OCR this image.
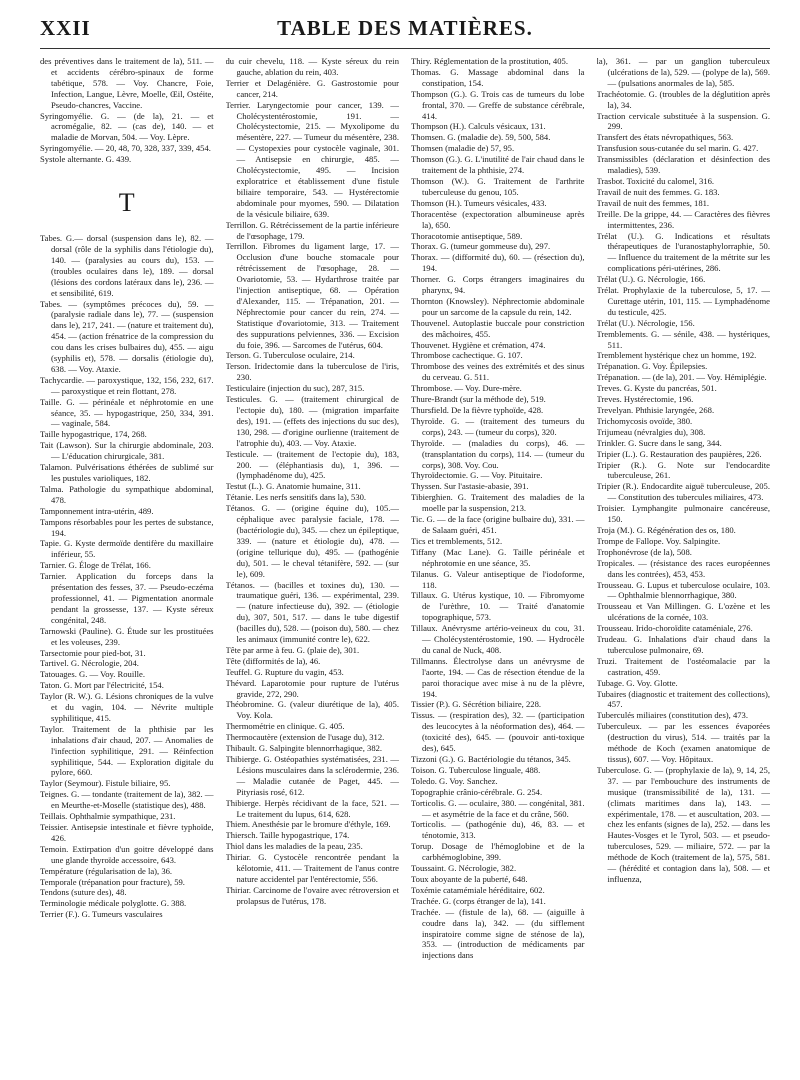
XXII	TABLE DES MATIÈRES.

des préventives dans le traitement de la), 511. — et accidents cérébro-spinaux de forme tabétique, 578. — Voy. Chancre, Foie, Infection, Langue, Lèvre, Moelle, Œil, Ostéite, Pseudo-chancres, Vaccine.

Syringomyélie. G. — (de la), 21. — et acromégalie, 82. — (cas de), 140. — et maladie de Morvan, 504. — Voy. Lèpre.

Syringomyélie. — 20, 48, 70, 328, 337, 339, 454.

Systole alternante. G. 439.

T

Tabes. G.— dorsal (suspension dans le), 82. — dorsal (rôle de la syphilis dans l'étiologie du), 140. — (paralysies au cours du), 153. — (troubles oculaires dans le), 189. — dorsal (lésions des cordons latéraux dans le), 236. — et sensibilité, 619.

Tabes. — (symptômes précoces du), 59. — (paralysie radiale dans le), 77. — (suspension dans le), 217, 241. — (nature et traitement du), 454. — (action frénatrice de la compression du cou dans les crises bulbaires du), 455. — aigu (syphilis et), 578. — dorsalis (étiologie du), 638. — Voy. Ataxie.

Tachycardie. — paroxystique, 132, 156, 232, 617. — paroxystique et rein flottant, 278.

Taille. G. — périnéale et néphrotomie en une séance, 35. — hypogastrique, 250, 334, 391. — vaginale, 584.

Taille hypogastrique, 174, 268.

Tait (Lawson). Sur la chirurgie abdominale, 203. — L'éducation chirurgicale, 381.

Talamon. Pulvérisations éthérées de sublimé sur les pustules varioliques, 182.

Talma. Pathologie du sympathique abdominal, 478.

Tamponnement intra-utérin, 489.

Tampons résorbables pour les pertes de substance, 194.

Tapie. G. Kyste dermoïde dentifère du maxillaire inférieur, 55.

Tarnier. G. Éloge de Trélat, 166.

Tarnier. Application du forceps dans la présentation des fesses, 37. — Pseudo-eczéma professionnel, 41. — Pigmentation anormale pendant la grossesse, 137. — Kyste séreux congénital, 248.

Tarnowski (Pauline). G. Étude sur les prostituées et les voleuses, 239.

Tarsectomie pour pied-bot, 31.

Tartivel. G. Nécrologie, 204.

Tatouages. G. — Voy. Rouille.

Taton. G. Mort par l'électricité, 154.

Taylor (R. W.). G. Lésions chroniques de la vulve et du vagin, 104. — Névrite multiple syphilitique, 415.

Taylor. Traitement de la phthisie par les inhalations d'air chaud, 207. — Anomalies de l'infection syphilitique, 291. — Réinfection syphilitique, 544. — Exploration digitale du pylore, 660.

Taylor (Seymour). Fistule biliaire, 95.

Teignes. G. — tondante (traitement de la), 382. — en Meurthe-et-Moselle (statistique des), 488.

Teillais. Ophthalmie sympathique, 231.

Teissier. Antisepsie intestinale et fièvre typhoïde, 426.

Temoin. Extirpation d'un goitre développé dans une glande thyroïde accessoire, 643.

Température (régularisation de la), 36.

Temporale (trépanation pour fracture), 59.

Tendons (suture des), 48.

Terminologie médicale polyglotte. G. 388.

Terrier (F.). G. Tumeurs vasculaires

du cuir chevelu, 118. — Kyste séreux du rein gauche, ablation du rein, 403.

Terrier et Delagénière. G. Gastrostomie pour cancer, 214.

Terrier. Laryngectomie pour cancer, 139. — Cholécystentérostomie, 191. — Cholécystectomie, 215. — Myxolipome du mésentère, 227. — Tumeur du mésentère, 238. — Cystopexies pour cystocèle vaginale, 301. — Antisepsie en chirurgie, 485. — Cholécystectomie, 495. — Incision exploratrice et établissement d'une fistule biliaire temporaire, 543. — Hystérectomie abdominale pour myomes, 590. — Dilatation de la vésicule biliaire, 639.

Terrillon. G. Rétrécissement de la partie inférieure de l'œsophage, 179.

Terrillon. Fibromes du ligament large, 17. — Occlusion d'une bouche stomacale pour rétrécissement de l'œsophage, 28. — Ovariotomie, 53. — Hydarthrose traitée par l'injection antiseptique, 68. — Opération d'Alexander, 115. — Trépanation, 201. — Néphrectomie pour cancer du rein, 274. — Statistique d'ovariotomie, 313. — Traitement des suppurations pelviennes, 336. — Excision du foie, 396. — Sarcomes de l'utérus, 604.

Terson. G. Tuberculose oculaire, 214.

Terson. Iridectomie dans la tuberculose de l'iris, 230.

Testiculaire (injection du suc), 287, 315.

Testicules. G. — (traitement chirurgical de l'ectopie du), 180. — (migration imparfaite des), 191. — (effets des injections du suc des), 130, 298. — d'origine ourlienne (traitement de l'atrophie du), 403. — Voy. Ataxie.

Testicule. — (traitement de l'ectopie du), 183, 200. — (éléphantiasis du), 1, 396. — (lymphadénome du), 425.

Testut (L.). G. Anatomie humaine, 311.

Tétanie. Les nerfs sensitifs dans la), 530.

Tétanos. G. — (origine équine du), 105.— céphalique avec paralysie faciale, 178. — (bactériologie du), 345. — chez un épileptique, 339. — (nature et étiologie du), 478. — (origine tellurique du), 495. — (pathogénie du), 501. — le cheval tétanifère, 592. — (sur le), 609.

Tétanos. — (bacilles et toxines du), 130. — traumatique guéri, 136. — expérimental, 239. — (nature infectieuse du), 392. — (étiologie du), 307, 501, 517. — dans le tube digestif (bacilles du), 528. — (poison du), 580. — chez les animaux (immunité contre le), 622.

Tête par arme à feu. G. (plaie de), 301.

Tête (difformités de la), 46.

Teuffel. G. Rupture du vagin, 453.

Thévard. Laparotomie pour rupture de l'utérus gravide, 272, 290.

Théobromine. G. (valeur diurétique de la), 405. Voy. Kola.

Thermométrie en clinique. G. 405.

Thermocautère (extension de l'usage du), 312.

Thibault. G. Salpingite blennorrhagique, 382.

Thibierge. G. Ostéopathies systématisées, 231. — Lésions musculaires dans la sclérodermie, 236. — Maladie cutanée de Paget, 445. — Pityriasis rosé, 612.

Thibierge. Herpès récidivant de la face, 521. — Le traitement du lupus, 614, 628.

Thiem. Anesthésie par le bromure d'éthyle, 169.

Thiersch. Taille hypogastrique, 174.

Thiol dans les maladies de la peau, 235.

Thiriar. G. Cystocèle rencontrée pendant la kélotomie, 411. — Traitement de l'anus contre nature accidentel par l'entérectomie, 556.

Thiriar. Carcinome de l'ovaire avec rétroversion et prolapsus de l'utérus, 178.

Thiry. Réglementation de la prostitution, 405.

Thomas. G. Massage abdominal dans la constipation, 154.

Thompson (G.). G. Trois cas de tumeurs du lobe frontal, 370. — Greffe de substance cérébrale, 414.

Thompson (H.). Calculs vésicaux, 131.

Thomsen. G. (maladie de). 59, 500, 584.

Thomsen (maladie de) 57, 95.

Thomson (G.). G. L'inutilité de l'air chaud dans le traitement de la phthisie, 274.

Thomson (W.). G. Traitement de l'arthrite tuberculeuse du genou, 105.

Thomson (H.). Tumeurs vésicales, 433.

Thoracentèse (expectoration albumineuse après la), 650.

Thoracotomie antiseptique, 589.

Thorax. G. (tumeur gommeuse du), 297.

Thorax. — (difformité du), 60. — (résection du), 194.

Thorner. G. Corps étrangers imaginaires du pharynx, 94.

Thornton (Knowsley). Néphrectomie abdominale pour un sarcome de la capsule du rein, 142.

Thouvenel. Autoplastie buccale pour constriction des mâchoires, 455.

Thouvenet. Hygiène et crémation, 474.

Thrombose cachectique. G. 107.

Thrombose des veines des extrémités et des sinus du cerveau. G. 511.

Thrombose. — Voy. Dure-mère.

Thure-Brandt (sur la méthode de), 519.

Thursfield. De la fièvre typhoïde, 428.

Thyroïde. G. — (traitement des tumeurs du corps), 243. — (tumeur du corps), 320.

Thyroïde. — (maladies du corps), 46. — (transplantation du corps), 114. — (tumeur du corps), 308. Voy. Cou.

Thyroïdectomie. G. — Voy. Pituitaire.

Thyssen. Sur l'astasie-abasie, 391.

Tibierghien. G. Traitement des maladies de la moelle par la suspension, 213.

Tic. G. — de la face (origine bulbaire du), 331. — de Salaam guéri, 451.

Tics et tremblements, 512.

Tiffany (Mac Lane). G. Taille périnéale et néphrotomie en une séance, 35.

Tilanus. G. Valeur antiseptique de l'iodoforme, 118.

Tillaux. G. Utérus kystique, 10. — Fibromyome de l'urèthre, 10. — Traité d'anatomie topographique, 573.

Tillaux. Anévrysme artério-veineux du cou, 31. — Cholécystentérostomie, 190. — Hydrocèle du canal de Nuck, 408.

Tillmanns. Électrolyse dans un anévrysme de l'aorte, 194. — Cas de résection étendue de la paroi thoracique avec mise à nu de la plèvre, 194.

Tissier (P.). G. Sécrétion biliaire, 228.

Tissus. — (respiration des), 32. — (participation des leucocytes à la néoformation des), 464. — (toxicité des), 645. — (pouvoir anti-toxique des), 645.

Tizzoni (G.). G. Bactériologie du tétanos, 345.

Toison. G. Tuberculose linguale, 488.

Toledo. G. Voy. Sanchez.

Topographie crânio-cérébrale. G. 254.

Torticolis. G. — oculaire, 380. — congénital, 381. — et asymétrie de la face et du crâne, 560.

Torticolis. — (pathogénie du), 46, 83. — et ténotomie, 313.

Torup. Dosage de l'hémoglobine et de la carbhémoglobine, 399.

Toussaint. G. Nécrologie, 382.

Toux aboyante de la puberté, 648.

Toxémie catamémiale héréditaire, 602.

Trachée. G. (corps étranger de la), 141.

Trachée. — (fistule de la), 68. — (aiguille à coudre dans la), 342. — (du sifflement inspiratoire comme signe de sténose de la), 353. — (introduction de médicaments par injections dans

la), 361. — par un ganglion tuberculeux (ulcérations de la), 529. — (polype de la), 569. — (pulsations anormales de la), 585.

Trachéotomie. G. (troubles de la déglutition après la), 34.

Traction cervicale substituée à la suspension. G. 299.

Transfert des états névropathiques, 563.

Transfusion sous-cutanée du sel marin. G. 427.

Transmissibles (déclaration et désinfection des maladies), 539.

Trasbot. Toxicité du calomel, 316.

Travail de nuit des femmes. G. 183.

Travail de nuit des femmes, 181.

Treille. De la grippe, 44. — Caractères des fièvres intermittentes, 236.

Trélat (U.). G. Indications et résultats thérapeutiques de l'uranostaphylorraphie, 50. — Influence du traitement de la métrite sur les complications péri-utérines, 286.

Trélat (U.). G. Nécrologie, 166.

Trélat. Prophylaxie de la tuberculose, 5, 17. — Curettage utérin, 101, 115. — Lymphadénome du testicule, 425.

Trélat (U.). Nécrologie, 156.

Tremblements. G. — sénile, 438. — hystériques, 511.

Tremblement hystérique chez un homme, 192.

Trépanation. G. Voy. Épilepsies.

Trépanation. — (de la), 201. — Voy. Hémiplégie.

Treves. G. Kyste du pancréas, 501.

Treves. Hystérectomie, 196.

Trevelyan. Phthisie laryngée, 268.

Trichomycosis ovoïde, 380.

Trijumeau (névralgies du), 308.

Trinkler. G. Sucre dans le sang, 344.

Tripier (L.). G. Restauration des paupières, 226.

Tripier (R.). G. Note sur l'endocardite tuberculeuse, 261.

Tripier (R.). Endocardite aiguë tuberculeuse, 205. — Constitution des tubercules miliaires, 473.

Troisier. Lymphangite pulmonaire cancéreuse, 150.

Troja (M.). G. Régénération des os, 180.

Trompe de Fallope. Voy. Salpingite.

Trophonévrose (de la), 508.

Tropicales. — (résistance des races européennes dans les contrées), 453, 453.

Trousseau. G. Lupus et tuberculose oculaire, 103. — Ophthalmie blennorrhagique, 380.

Trousseau et Van Millingen. G. L'ozène et les ulcérations de la cornée, 103.

Trousseau. Irido-choroïdite cataméniale, 276.

Trudeau. G. Inhalations d'air chaud dans la tuberculose pulmonaire, 69.

Truzi. Traitement de l'ostéomalacie par la castration, 459.

Tubage. G. Voy. Glotte.

Tubaires (diagnostic et traitement des collections), 457.

Tuberculés miliaires (constitution des), 473.

Tuberculeux. — par les essences évaporées (destruction du virus), 514. — traités par la méthode de Koch (examen anatomique de tissus), 607. — Voy. Hôpitaux.

Tuberculose. G. — (prophylaxie de la), 9, 14, 25, 37. — par l'embouchure des instruments de musique (transmissibilité de la), 131. — (climats maritimes dans la), 143. — expérimentale, 178. — et auscultation, 203. — chez les enfants (signes de la), 252. — dans les Hautes-Vosges et le Tyrol, 503. — et pseudo-tuberculoses, 529. — miliaire, 572. — par la méthode de Koch (traitement de la), 575, 581. — (hérédité et contagion dans la), 508. — et influenza,
